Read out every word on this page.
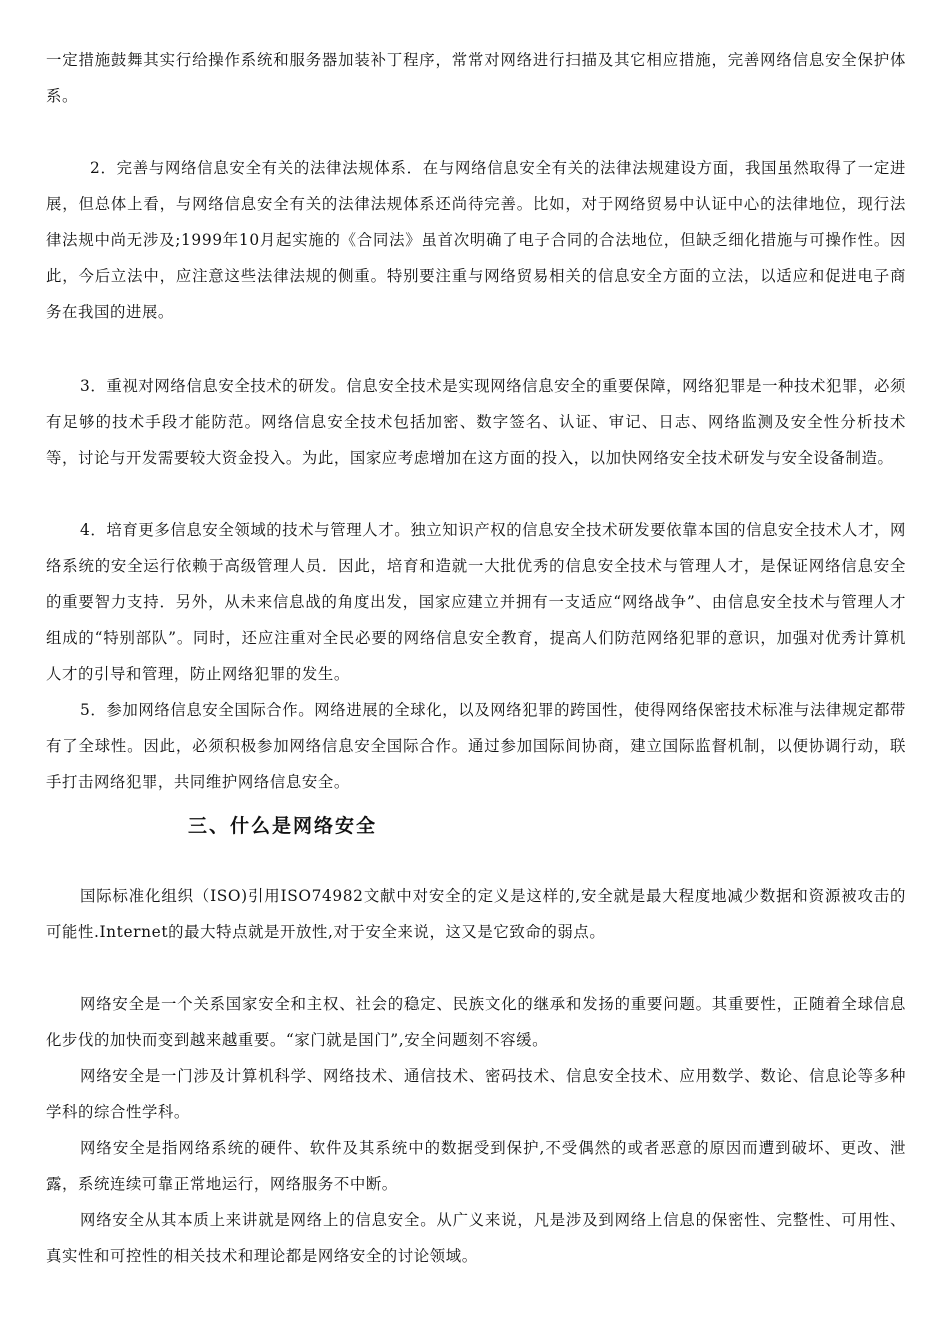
一定措施鼓舞其实行给操作系统和服务器加装补丁程序，常常对网络进行扫描及其它相应措施，完善网络信息安全保护体系。

2．完善与网络信息安全有关的法律法规体系．在与网络信息安全有关的法律法规建设方面，我国虽然取得了一定进展，但总体上看，与网络信息安全有关的法律法规体系还尚待完善。比如，对于网络贸易中认证中心的法律地位，现行法律法规中尚无涉及;1999年10月起实施的《合同法》虽首次明确了电子合同的合法地位，但缺乏细化措施与可操作性。因此，今后立法中，应注意这些法律法规的侧重。特别要注重与网络贸易相关的信息安全方面的立法，以适应和促进电子商务在我国的进展。

3．重视对网络信息安全技术的研发。信息安全技术是实现网络信息安全的重要保障，网络犯罪是一种技术犯罪，必须有足够的技术手段才能防范。网络信息安全技术包括加密、数字签名、认证、审记、日志、网络监测及安全性分析技术等，讨论与开发需要较大资金投入。为此，国家应考虑增加在这方面的投入，以加快网络安全技术研发与安全设备制造。

4．培育更多信息安全领域的技术与管理人才。独立知识产权的信息安全技术研发要依靠本国的信息安全技术人才，网络系统的安全运行依赖于高级管理人员．因此，培育和造就一大批优秀的信息安全技术与管理人才，是保证网络信息安全的重要智力支持．另外，从未来信息战的角度出发，国家应建立并拥有一支适应“网络战争”、由信息安全技术与管理人才组成的“特别部队”。同时，还应注重对全民必要的网络信息安全教育，提高人们防范网络犯罪的意识，加强对优秀计算机人才的引导和管理，防止网络犯罪的发生。

5．参加网络信息安全国际合作。网络进展的全球化，以及网络犯罪的跨国性，使得网络保密技术标准与法律规定都带有了全球性。因此，必须积极参加网络信息安全国际合作。通过参加国际间协商，建立国际监督机制，以便协调行动，联手打击网络犯罪，共同维护网络信息安全。

三、什么是网络安全

国际标准化组织（ISO)引用ISO74982文献中对安全的定义是这样的,安全就是最大程度地减少数据和资源被攻击的可能性.Internet的最大特点就是开放性,对于安全来说，这又是它致命的弱点。

网络安全是一个关系国家安全和主权、社会的稳定、民族文化的继承和发扬的重要问题。其重要性，正随着全球信息化步伐的加快而变到越来越重要。“家门就是国门”,安全问题刻不容缓。

网络安全是一门涉及计算机科学、网络技术、通信技术、密码技术、信息安全技术、应用数学、数论、信息论等多种学科的综合性学科。

网络安全是指网络系统的硬件、软件及其系统中的数据受到保护,不受偶然的或者恶意的原因而遭到破坏、更改、泄露，系统连续可靠正常地运行，网络服务不中断。

网络安全从其本质上来讲就是网络上的信息安全。从广义来说，凡是涉及到网络上信息的保密性、完整性、可用性、真实性和可控性的相关技术和理论都是网络安全的讨论领域。
